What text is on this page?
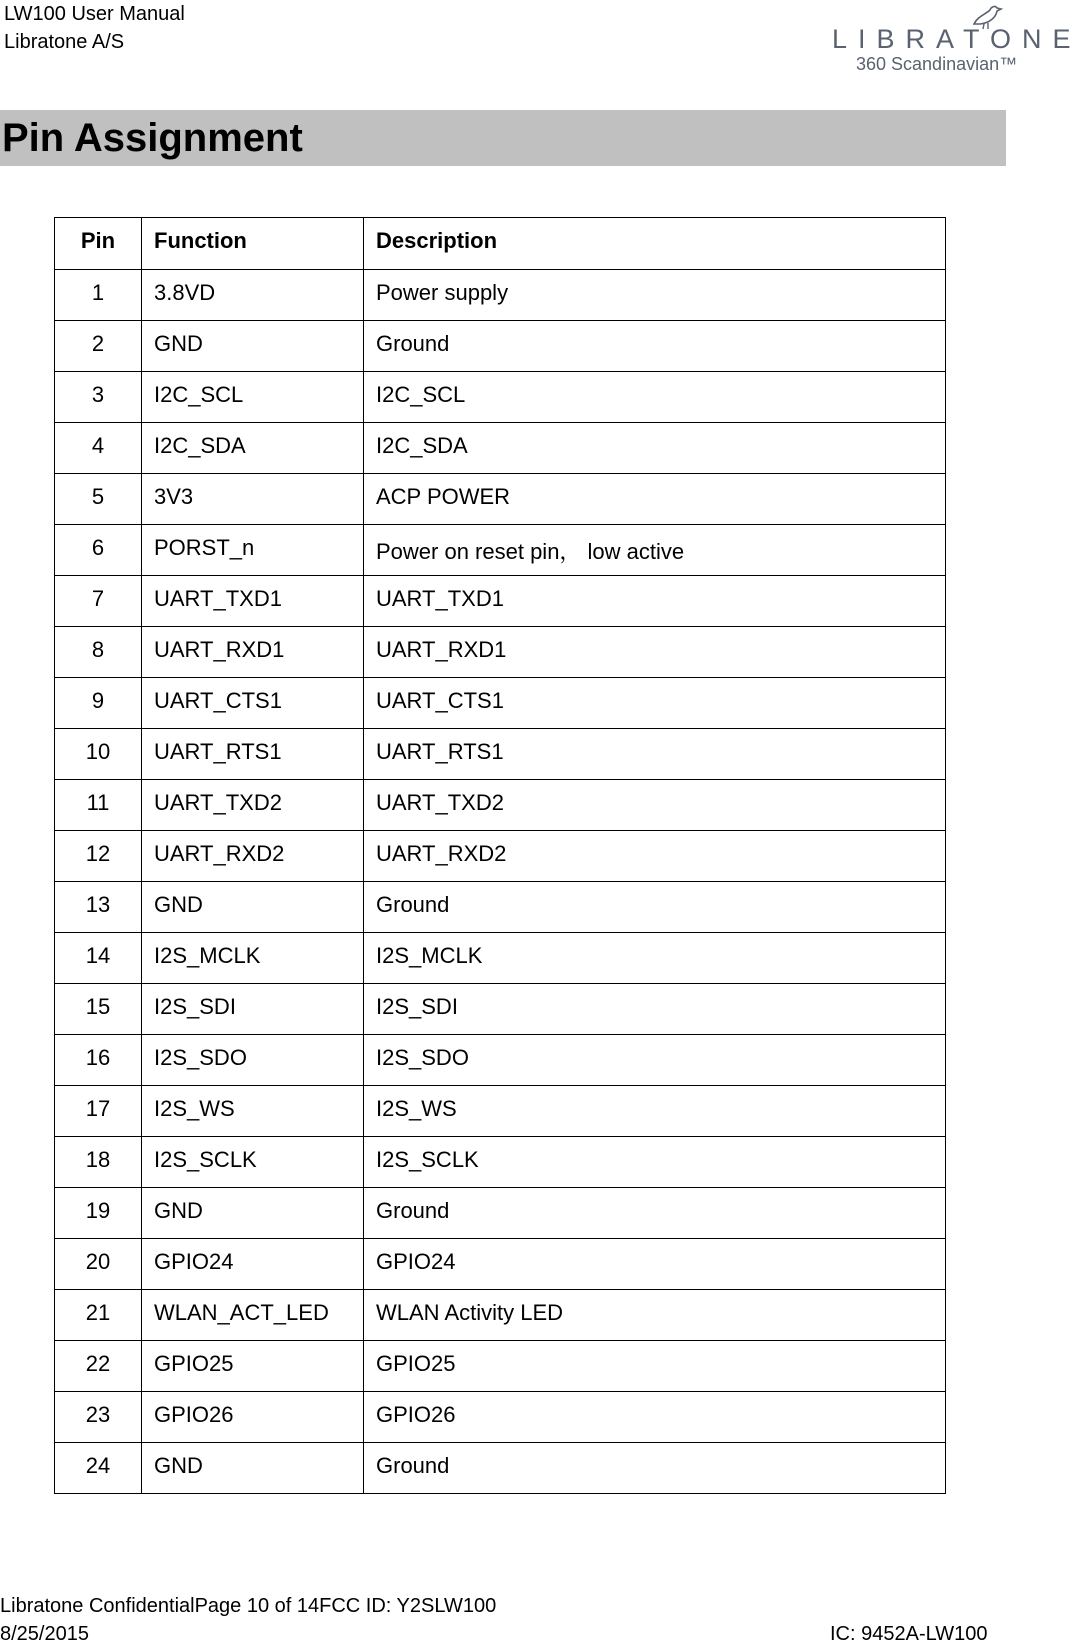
LW100 User Manual
Libratone A/S	LIBRATONE
360 Scandinavian™
Pin Assignment
Pin	Function	Description
1	3.8VD	Power supply
2	GND	Ground
3	I2C_SCL	I2C_SCL
4	I2C_SDA	I2C_SDA
5	3V3	ACP POWER
6	PORST_n	Power on reset pin， low active
7	UART_TXD1	UART_TXD1
8	UART_RXD1	UART_RXD1
9	UART_CTS1	UART_CTS1
10	UART_RTS1	UART_RTS1
11	UART_TXD2	UART_TXD2
12	UART_RXD2	UART_RXD2
13	GND	Ground
14	I2S_MCLK	I2S_MCLK
15	I2S_SDI	I2S_SDI
16	I2S_SDO	I2S_SDO
17	I2S_WS	I2S_WS
18	I2S_SCLK	I2S_SCLK
19	GND	Ground
20	GPIO24	GPIO24
21	WLAN_ACT_LED	WLAN Activity LED
22	GPIO25	GPIO25
23	GPIO26	GPIO26
24	GND	Ground
Libratone ConfidentialPage 10 of 14FCC ID: Y2SLW100
8/25/2015	IC: 9452A-LW100
